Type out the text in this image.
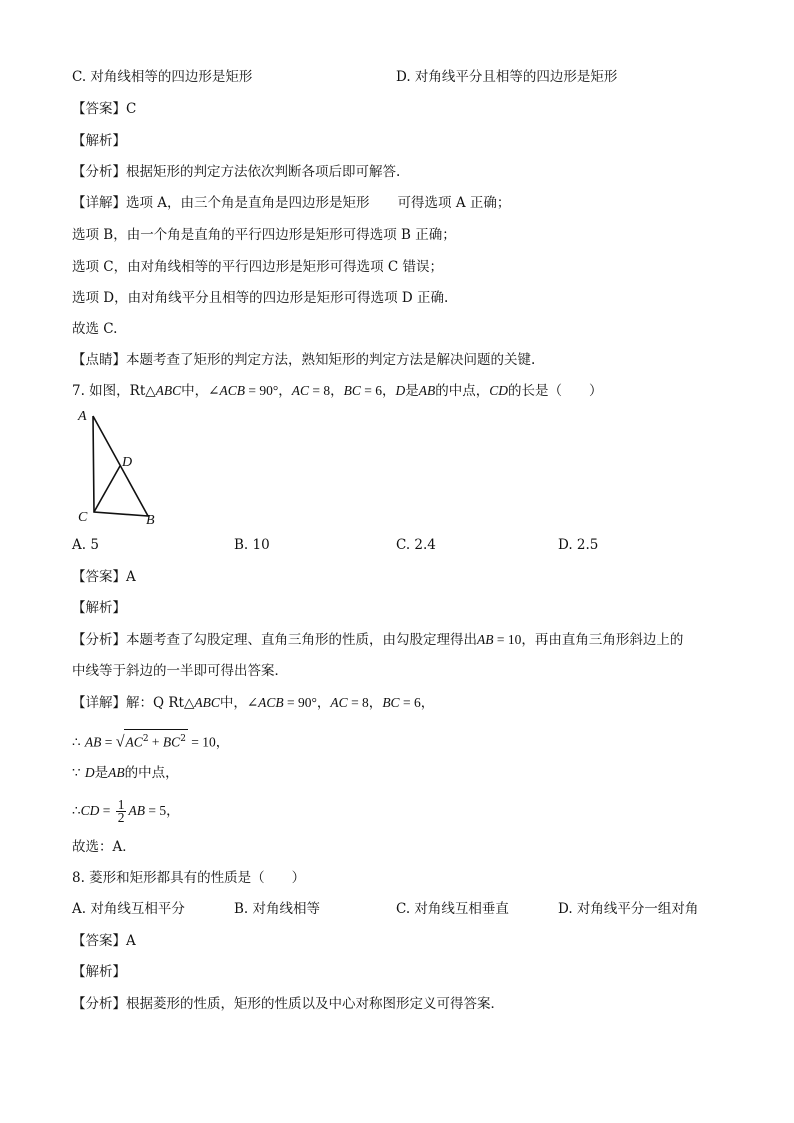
C. 对角线相等的四边形是矩形	D. 对角线平分且相等的四边形是矩形
【答案】C
【解析】
【分析】根据矩形的判定方法依次判断各项后即可解答.
【详解】选项 A，由三个角是直角是四边形是矩形 可得选项 A 正确；
选项 B，由一个角是直角的平行四边形是矩形可得选项 B 正确；
选项 C，由对角线相等的平行四边形是矩形可得选项 C 错误；
选项 D，由对角线平分且相等的四边形是矩形可得选项 D 正确.
故选 C.
【点睛】本题考查了矩形的判定方法，熟知矩形的判定方法是解决问题的关键.
7. 如图，Rt△ABC中，∠ACB = 90°，AC = 8，BC = 6，D是AB的中点，CD的长是（　　）
A
D
C	B
A. 5	B. 10	C. 2.4	D. 2.5
【答案】A
【解析】
【分析】本题考查了勾股定理、直角三角形的性质，由勾股定理得出AB = 10，再由直角三角形斜边上的
中线等于斜边的一半即可得出答案．
【详解】解：Q Rt△ABC中，∠ACB = 90°，AC = 8，BC = 6，
∴ AB = $√AC^2 + BC^2 = 10$，
∵ D是AB的中点，
∴CD = $\frac{1}{2}$ AB = 5，
故选：A．
8. 菱形和矩形都具有的性质是（　　）
A. 对角线互相平分	B. 对角线相等	C. 对角线互相垂直	D. 对角线平分一组对角
【答案】A
【解析】
【分析】根据菱形的性质，矩形的性质以及中心对称图形定义可得答案．
